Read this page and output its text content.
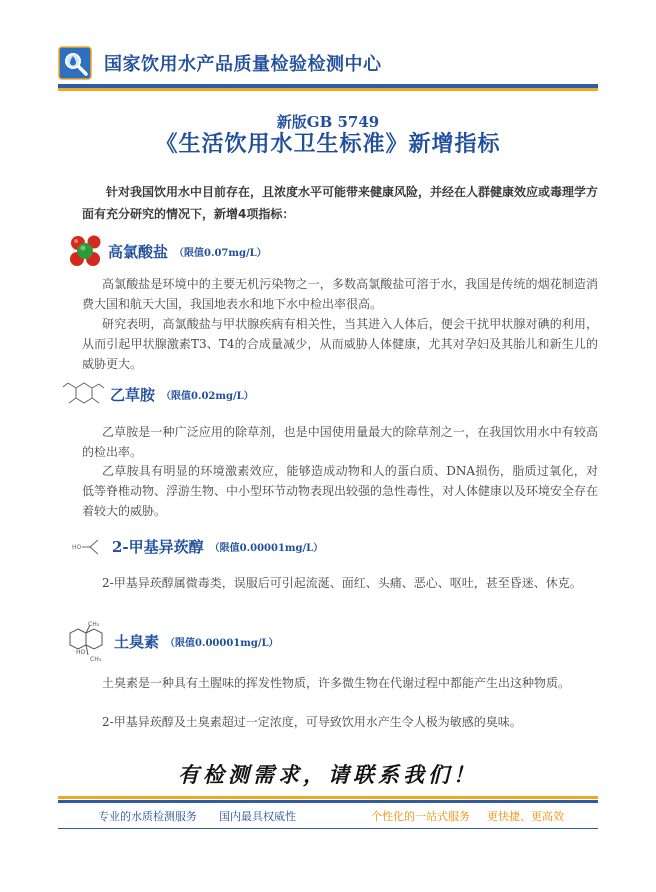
国家饮用水产品质量检验检测中心
新版GB 5749
《生活饮用水卫生标准》新增指标
针对我国饮用水中目前存在，且浓度水平可能带来健康风险，并经在人群健康效应或毒理学方面有充分研究的情况下，新增4项指标：
高氯酸盐 （限值0.07mg/L）
高氯酸盐是环境中的主要无机污染物之一，多数高氯酸盐可溶于水，我国是传统的烟花制造消费大国和航天大国，我国地表水和地下水中检出率很高。
研究表明，高氯酸盐与甲状腺疾病有相关性，当其进入人体后，便会干扰甲状腺对碘的利用，从而引起甲状腺激素T3、T4的合成量减少，从而威胁人体健康，尤其对孕妇及其胎儿和新生儿的威胁更大。
乙草胺 （限值0.02mg/L）
乙草胺是一种广泛应用的除草剂，也是中国使用量最大的除草剂之一，在我国饮用水中有较高的检出率。
乙草胺具有明显的环境激素效应，能够造成动物和人的蛋白质、DNA损伤，脂质过氧化，对低等脊椎动物、浮游生物、中小型环节动物表现出较强的急性毒性，对人体健康以及环境安全存在着较大的威胁。
HO 2-甲基异莰醇 （限值0.00001mg/L）
2-甲基异莰醇属微毒类，误服后可引起流涎、面红、头痛、恶心、呕吐，甚至昏迷、休克。
CH₃
HO
CH₃
土臭素 （限值0.00001mg/L）
土臭素是一种具有土腥味的挥发性物质，许多微生物在代谢过程中都能产生出这种物质。
2-甲基异莰醇及土臭素超过一定浓度，可导致饮用水产生令人极为敏感的臭味。
有检测需求，请联系我们！
专业的水质检测服务 国内最具权威性	个性化的一站式服务 更快捷、更高效
